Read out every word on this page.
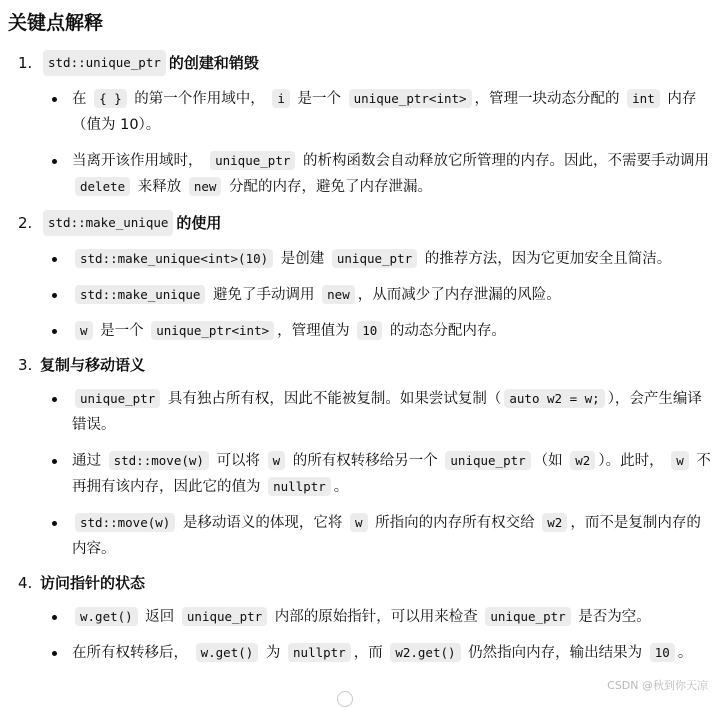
关键点解释
1.	std::unique_ptr 的创建和销毁
在 { } 的第一个作用域中， i 是一个 unique_ptr<int> ，管理一块动态分配的 int 内存（值为 10）。
当离开该作用域时， unique_ptr 的析构函数会自动释放它所管理的内存。因此，不需要手动调用 delete 来释放 new 分配的内存，避免了内存泄漏。
2.	std::make_unique 的使用
std::make_unique<int>(10) 是创建 unique_ptr 的推荐方法，因为它更加安全且简洁。
std::make_unique 避免了手动调用 new ，从而减少了内存泄漏的风险。
w 是一个 unique_ptr<int> ，管理值为 10 的动态分配内存。
3. 复制与移动语义
unique_ptr 具有独占所有权，因此不能被复制。如果尝试复制（ auto w2 = w; ），会产生编译错误。
通过 std::move(w) 可以将 w 的所有权转移给另一个 unique_ptr （如 w2 ）。此时， w 不再拥有该内存，因此它的值为 nullptr 。
std::move(w) 是移动语义的体现，它将 w 所指向的内存所有权交给 w2 ，而不是复制内存的内容。
4. 访问指针的状态
w.get() 返回 unique_ptr 内部的原始指针，可以用来检查 unique_ptr 是否为空。
在所有权转移后， w.get() 为 nullptr ，而 w2.get() 仍然指向内存，输出结果为 10 。
CSDN @秋到你天凉
